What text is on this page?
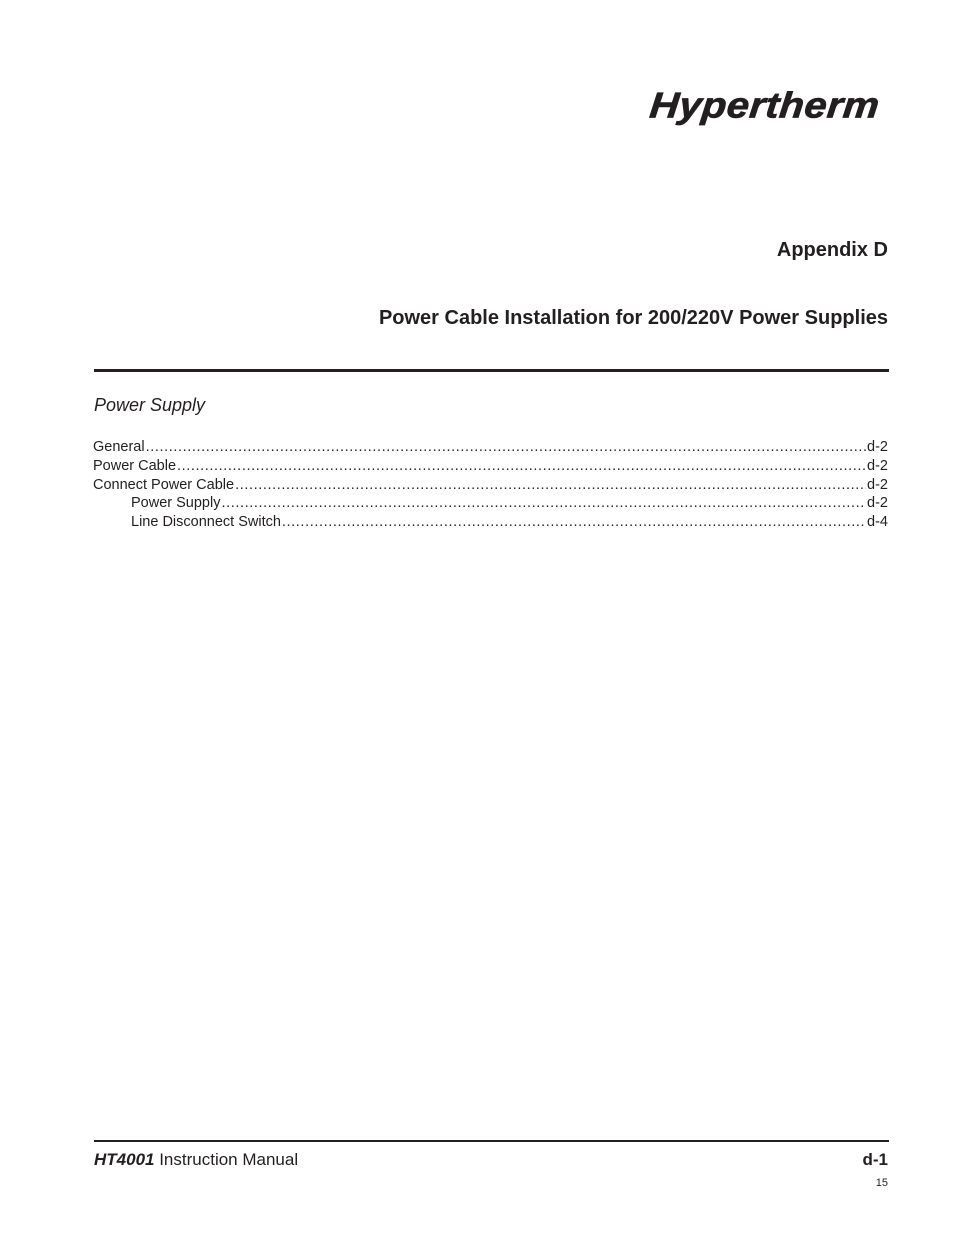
Hypertherm
Appendix D
Power Cable Installation for 200/220V Power Supplies
Power Supply
General .....	d-2
Power Cable .....	d-2
Connect Power Cable .....	d-2
Power Supply .....	d-2
Line Disconnect Switch .....	d-4
HT4001 Instruction Manual	d-1
15
